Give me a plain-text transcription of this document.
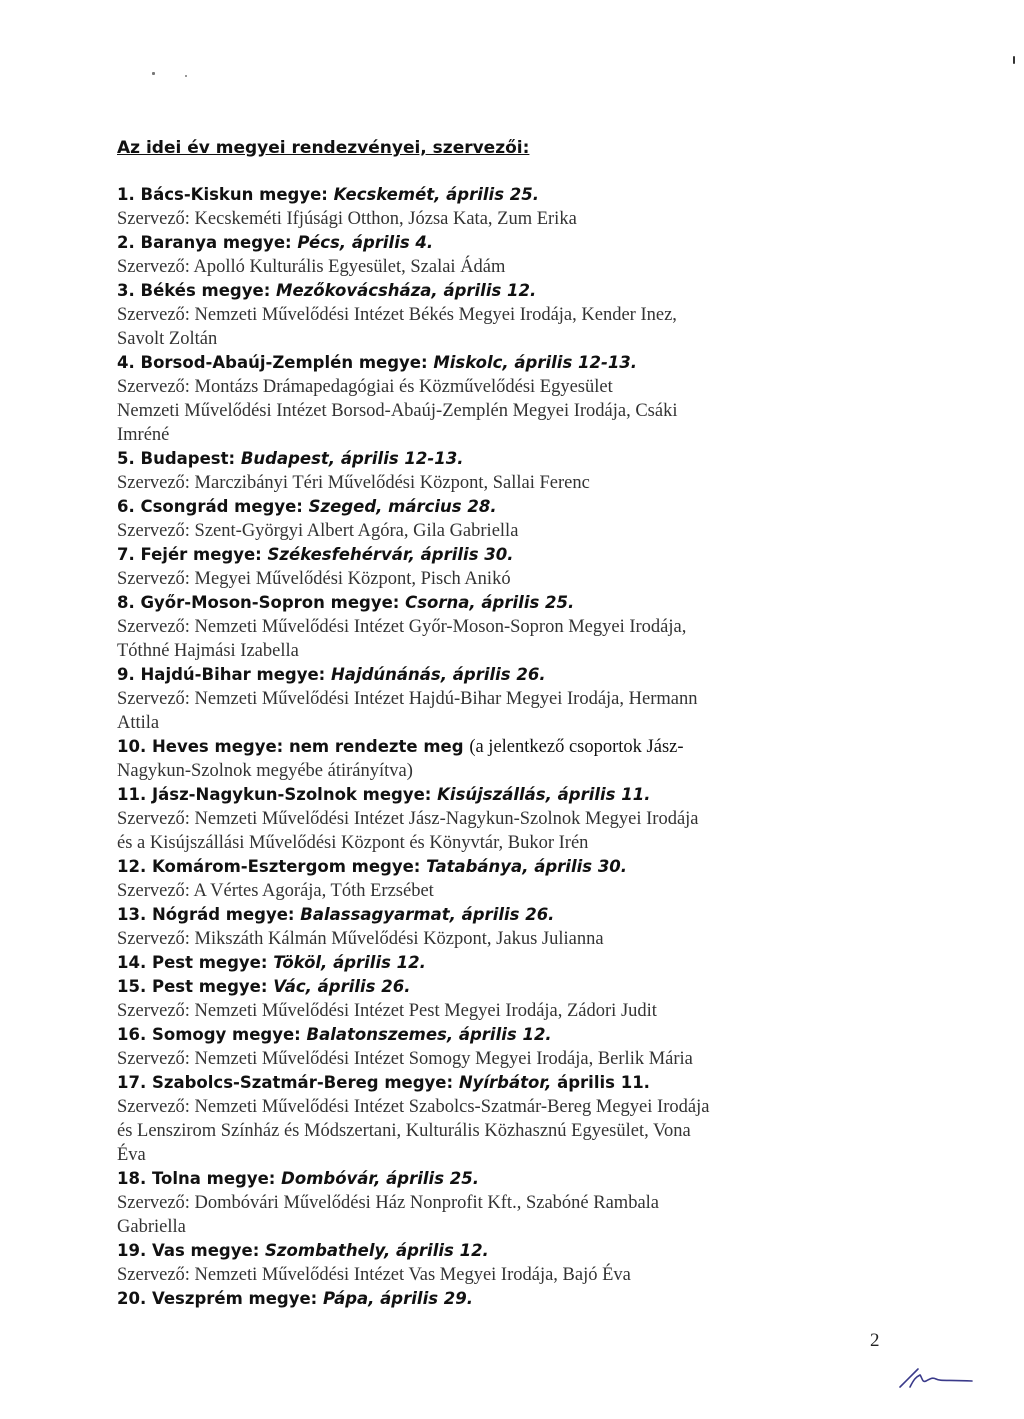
Az idei év megyei rendezvényei, szervezői:
1. Bács-Kiskun megye: Kecskemét, április 25.

Szervező: Kecskeméti Ifjúsági Otthon, Józsa Kata, Zum Erika

2. Baranya megye: Pécs, április 4.

Szervező: Apolló Kulturális Egyesület, Szalai Ádám

3. Békés megye: Mezőkovácsháza, április 12.

Szervező: Nemzeti Művelődési Intézet Békés Megyei Irodája, Kender Inez,
Savolt Zoltán

4. Borsod-Abaúj-Zemplén megye: Miskolc, április 12-13.

Szervező: Montázs Drámapedagógiai és Közművelődési Egyesület
Nemzeti Művelődési Intézet Borsod-Abaúj-Zemplén Megyei Irodája, Csáki
Imréné

5. Budapest: Budapest, április 12-13.

Szervező: Marczibányi Téri Művelődési Központ, Sallai Ferenc

6. Csongrád megye: Szeged, március 28.

Szervező: Szent-Györgyi Albert Agóra, Gila Gabriella

7. Fejér megye: Székesfehérvár, április 30.

Szervező: Megyei Művelődési Központ, Pisch Anikó

8. Győr-Moson-Sopron megye: Csorna, április 25.

Szervező: Nemzeti Művelődési Intézet Győr-Moson-Sopron Megyei Irodája,
Tóthné Hajmási Izabella

9. Hajdú-Bihar megye: Hajdúnánás, április 26.

Szervező: Nemzeti Művelődési Intézet Hajdú-Bihar Megyei Irodája, Hermann
Attila

10. Heves megye: nem rendezte meg (a jelentkező csoportok Jász-

Nagykun-Szolnok megyébe átirányítva)

11. Jász-Nagykun-Szolnok megye: Kisújszállás, április 11.

Szervező: Nemzeti Művelődési Intézet Jász-Nagykun-Szolnok Megyei Irodája
és a Kisújszállási Művelődési Központ és Könyvtár, Bukor Irén

12. Komárom-Esztergom megye: Tatabánya, április 30.

Szervező: A Vértes Agorája, Tóth Erzsébet

13. Nógrád megye: Balassagyarmat, április 26.

Szervező: Mikszáth Kálmán Művelődési Központ, Jakus Julianna

14. Pest megye: Tököl, április 12.
15. Pest megye: Vác, április 26.

Szervező: Nemzeti Művelődési Intézet Pest Megyei Irodája, Zádori Judit

16. Somogy megye: Balatonszemes, április 12.

Szervező: Nemzeti Művelődési Intézet Somogy Megyei Irodája, Berlik Mária

17. Szabolcs-Szatmár-Bereg megye: Nyírbátor, április 11.

Szervező: Nemzeti Művelődési Intézet Szabolcs-Szatmár-Bereg Megyei Irodája
és Lenszirom Színház és Módszertani, Kulturális Közhasznú Egyesület, Vona
Éva

18. Tolna megye: Dombóvár, április 25.

Szervező: Dombóvári Művelődési Ház Nonprofit Kft., Szabóné Rambala
Gabriella

19. Vas megye: Szombathely, április 12.

Szervező: Nemzeti Művelődési Intézet Vas Megyei Irodája, Bajó Éva

20. Veszprém megye: Pápa, április 29.
2
